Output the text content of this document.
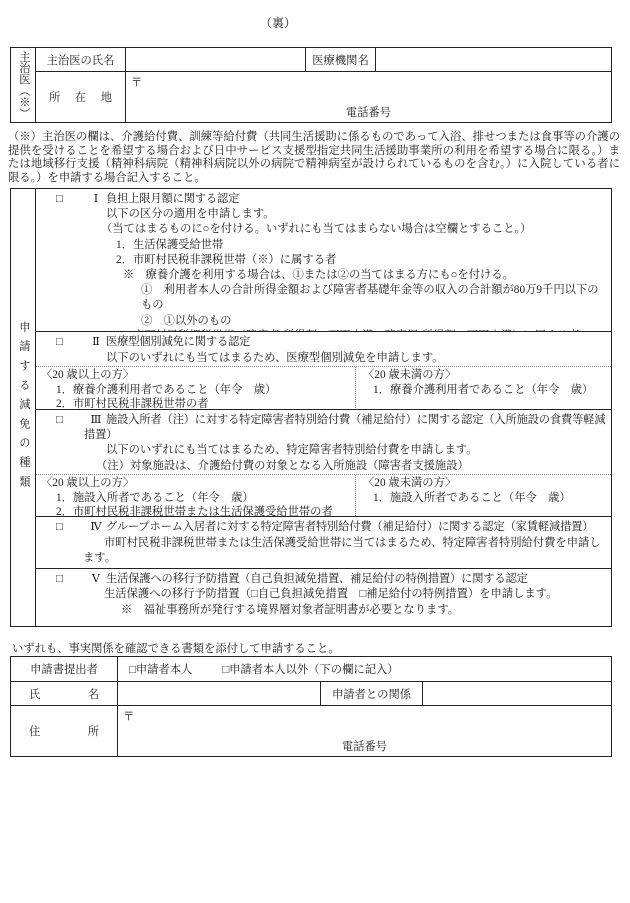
（裏）
主治医（※）	主治医の氏名	医療機関名
所 在 地
〒
電話番号
（※）主治医の欄は、介護給付費、訓練等給付費（共同生活援助に係るものであって入浴、排せつまたは食事等の介護の提供を受けることを希望する場合および日中サービス支援型指定共同生活援助事業所の利用を希望する場合に限る。）または地域移行支援（精神科病院（精神科病院以外の病院で精神病室が設けられているものを含む。）に入院している者に限る。）を申請する場合記入すること。
申請する減免の種類
□	Ⅰ 負担上限月額に関する認定
以下の区分の適用を申請します。
（当てはまるものに○を付ける。いずれにも当てはまらない場合は空欄とすること。）
1．生活保護受給世帯
2．市町村民税非課税世帯（※）に属する者
※　療養介護を利用する場合は、①または②の当てはまる方にも○を付ける。
①　利用者本人の合計所得金額および障害者基礎年金等の収入の合計額が80万9千円以下のもの
②　①以外のもの
□	Ⅱ 医療型個別減免に関する認定
以下のいずれにも当てはまるため、医療型個別減免を申請します。
〈20 歳以上の方〉
1．療養介護利用者であること（年令　歳）
2．市町村民税非課税世帯の者
〈20 歳未満の方〉
1．療養介護利用者であること（年令　歳）
□	Ⅲ 施設入所者（注）に対する特定障害者特別給付費（補足給付）に関する認定（入所施設の食費等軽減措置）
以下のいずれにも当てはまるため、特定障害者特別給付費を申請します。
（注）対象施設は、介護給付費の対象となる入所施設（障害者支援施設）
〈20 歳以上の方〉
1．施設入所者であること（年令　歳）
2．市町村民税非課税世帯または生活保護受給世帯の者
〈20 歳未満の方〉
1．施設入所者であること（年令　歳）
□	Ⅳ グループホーム入居者に対する特定障害者特別給付費（補足給付）に関する認定（家賃軽減措置）
市町村民税非課税世帯または生活保護受給世帯に当てはまるため、特定障害者特別給付費を申請します。
□	Ⅴ 生活保護への移行予防措置（自己負担減免措置、補足給付の特例措置）に関する認定
生活保護への移行予防措置（□自己負担減免措置　 □補足給付の特例措置）を申請します。
※　福祉事務所が発行する境界層対象者証明書が必要となります。
いずれも、事実関係を確認できる書類を添付して申請すること。
申請書提出者	□申請者本人	□申請者本人以外（下の欄に記入）
氏	名	申請者との関係
住	所
〒
電話番号
